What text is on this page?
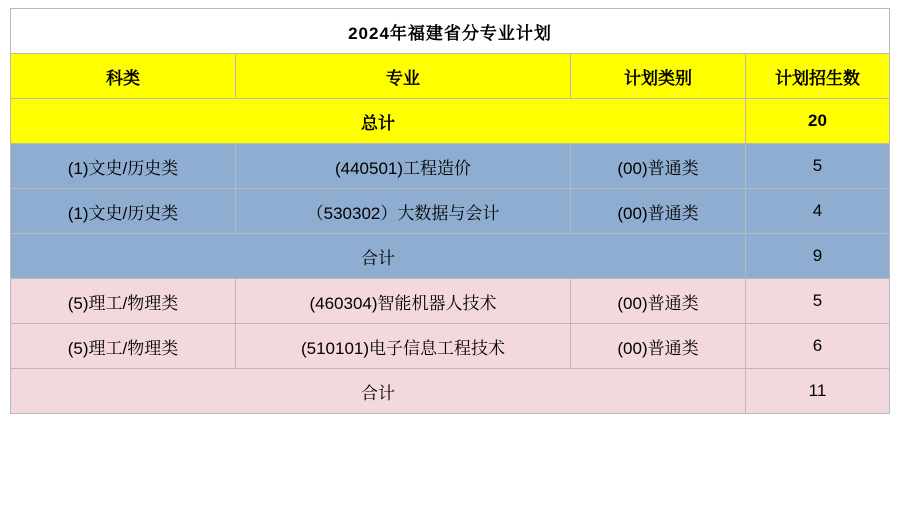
2024年福建省分专业计划			
科类	专业	计划类别	计划招生数
总计			20
(1)文史/历史类	(440501)工程造价	(00)普通类	5
(1)文史/历史类	（530302）大数据与会计	(00)普通类	4
合计			9
(5)理工/物理类	(460304)智能机器人技术	(00)普通类	5
(5)理工/物理类	(510101)电子信息工程技术	(00)普通类	6
合计			11
